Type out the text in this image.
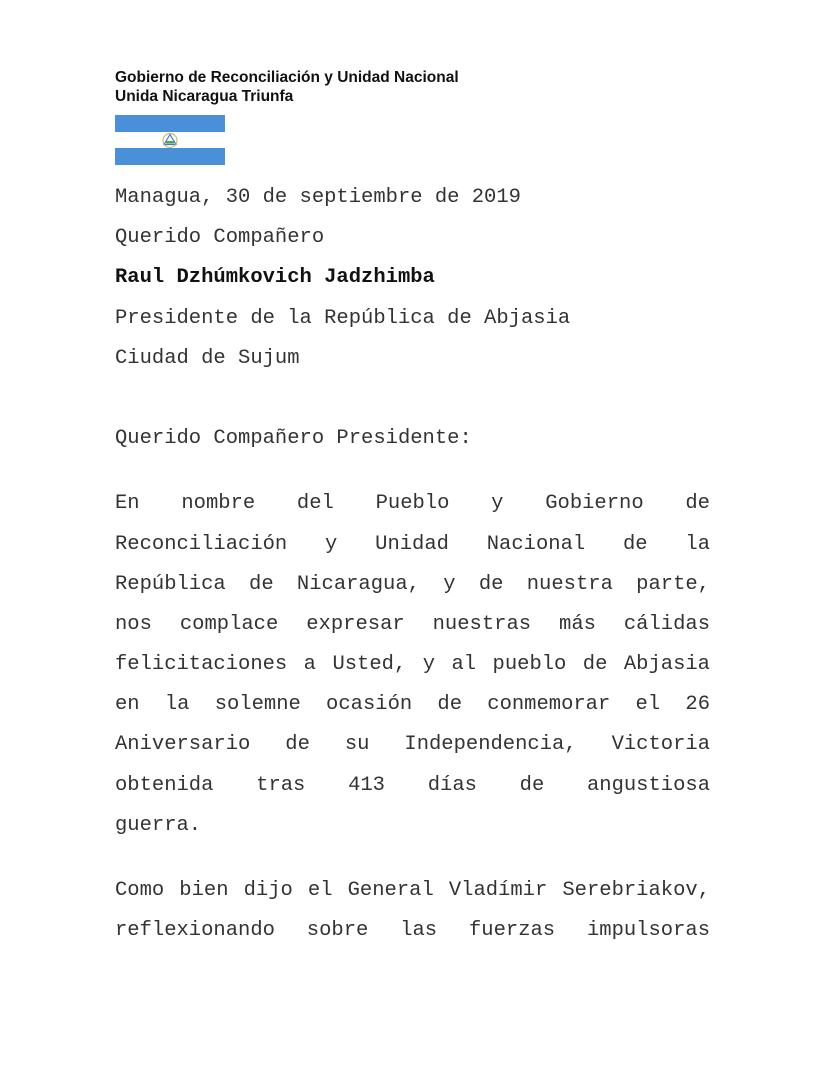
Gobierno de Reconciliación y Unidad Nacional
Unida Nicaragua Triunfa
Managua, 30 de septiembre de 2019
Querido Compañero
Raul Dzhúmkovich Jadzhimba
Presidente de la República de Abjasia
Ciudad de Sujum
Querido Compañero Presidente:
En nombre del Pueblo y Gobierno de
Reconciliación y Unidad Nacional de la
República de Nicaragua, y de nuestra parte,
nos complace expresar nuestras más cálidas
felicitaciones a Usted, y al pueblo de Abjasia
en la solemne ocasión de conmemorar el 26
Aniversario de su Independencia, Victoria
obtenida tras 413 días de angustiosa
guerra.
Como bien dijo el General Vladímir Serebriakov,
reflexionando sobre las fuerzas impulsoras
